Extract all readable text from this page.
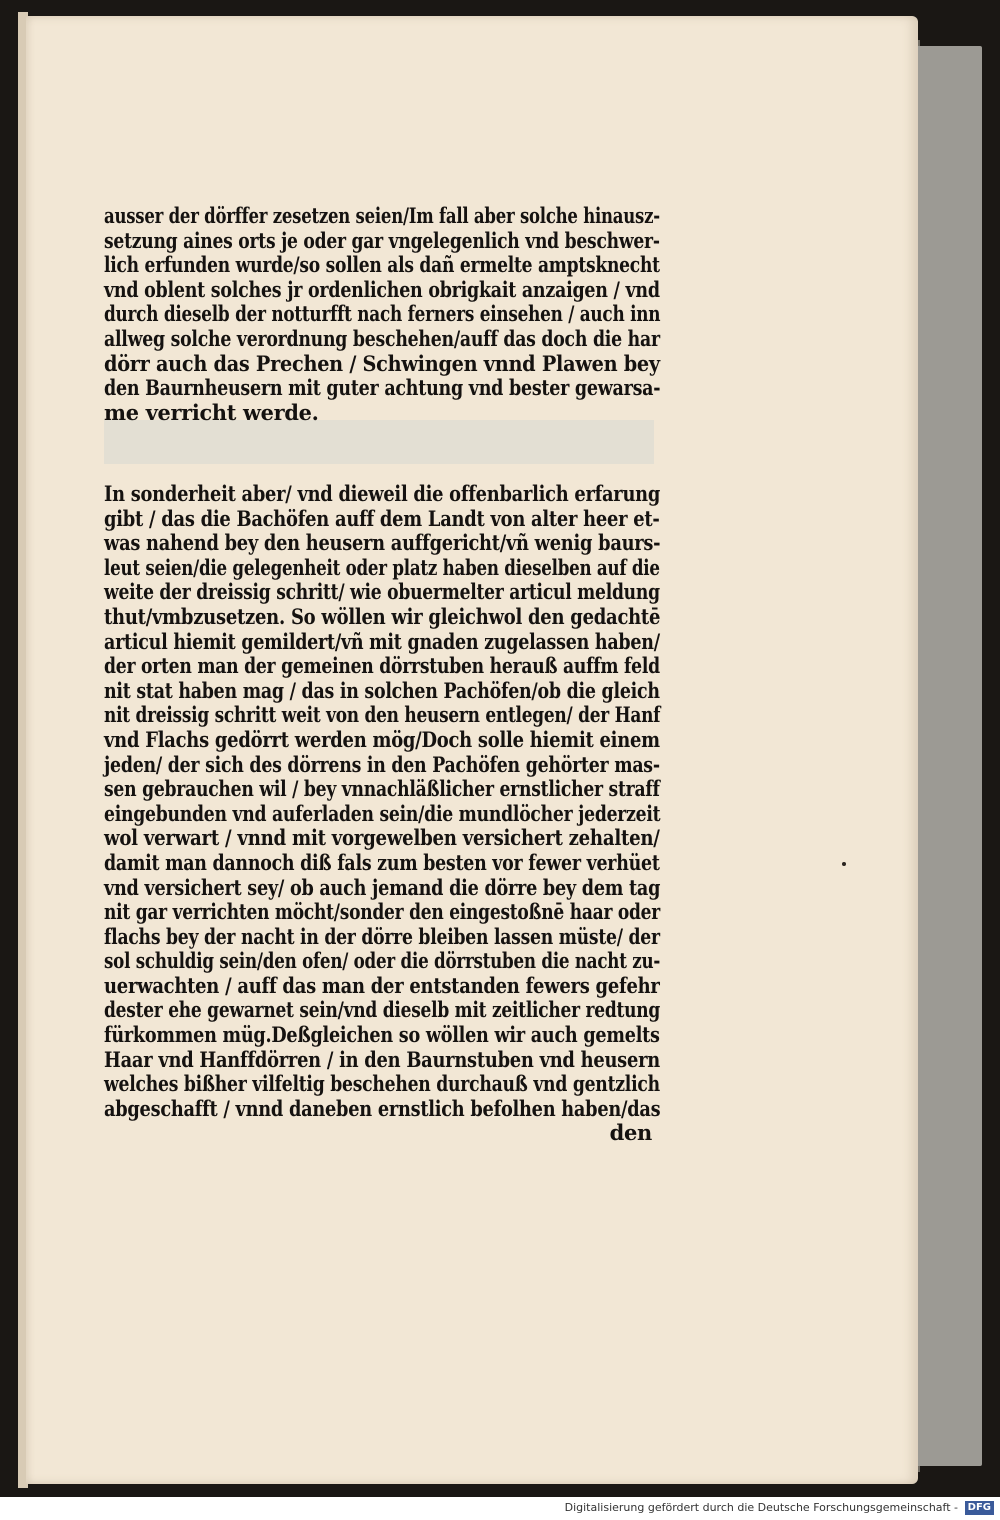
ausser der dörffer zesetzen seien/Im fall aber solche hinausz-
setzung aines orts je oder gar vngelegenlich vnd beschwer-
lich erfunden wurde/so sollen als dañ ermelte amptsknecht
vnd oblent solches jr ordenlichen obrigkait anzaigen / vnd
durch dieselb der notturfft nach ferners einsehen / auch inn
allweg solche verordnung beschehen/auff das doch die har
dörr auch das Prechen / Schwingen vnnd Plawen bey
den Baurnheusern mit guter achtung vnd bester gewarsa-
me verricht werde.
In sonderheit aber/ vnd dieweil die offenbarlich erfarung
gibt / das die Bachöfen auff dem Landt von alter heer et-
was nahend bey den heusern auffgericht/vñ wenig baurs-
leut seien/die gelegenheit oder platz haben dieselben auf die
weite der dreissig schritt/ wie obuermelter articul meldung
thut/vmbzusetzen. So wöllen wir gleichwol den gedachtē
articul hiemit gemildert/vñ mit gnaden zugelassen haben/
der orten man der gemeinen dörrstuben herauß auffm feld
nit stat haben mag / das in solchen Pachöfen/ob die gleich
nit dreissig schritt weit von den heusern entlegen/ der Hanf
vnd Flachs gedörrt werden mög/Doch solle hiemit einem
jeden/ der sich des dörrens in den Pachöfen gehörter mas-
sen gebrauchen wil / bey vnnachläßlicher ernstlicher straff
eingebunden vnd auferladen sein/die mundlöcher jederzeit
wol verwart / vnnd mit vorgewelben versichert zehalten/
damit man dannoch diß fals zum besten vor fewer verhüet
vnd versichert sey/ ob auch jemand die dörre bey dem tag
nit gar verrichten möcht/sonder den eingestoßnē haar oder
flachs bey der nacht in der dörre bleiben lassen müste/ der
sol schuldig sein/den ofen/ oder die dörrstuben die nacht zu-
uerwachten / auff das man der entstanden fewers gefehr
dester ehe gewarnet sein/vnd dieselb mit zeitlicher redtung
fürkommen müg.Deßgleichen so wöllen wir auch gemelts
Haar vnd Hanffdörren / in den Baurnstuben vnd heusern
welches bißher vilfeltig beschehen durchauß vnd gentzlich
abgeschafft / vnnd daneben ernstlich befolhen haben/das
den
Digitalisierung gefördert durch die Deutsche Forschungsgemeinschaft - DFG
